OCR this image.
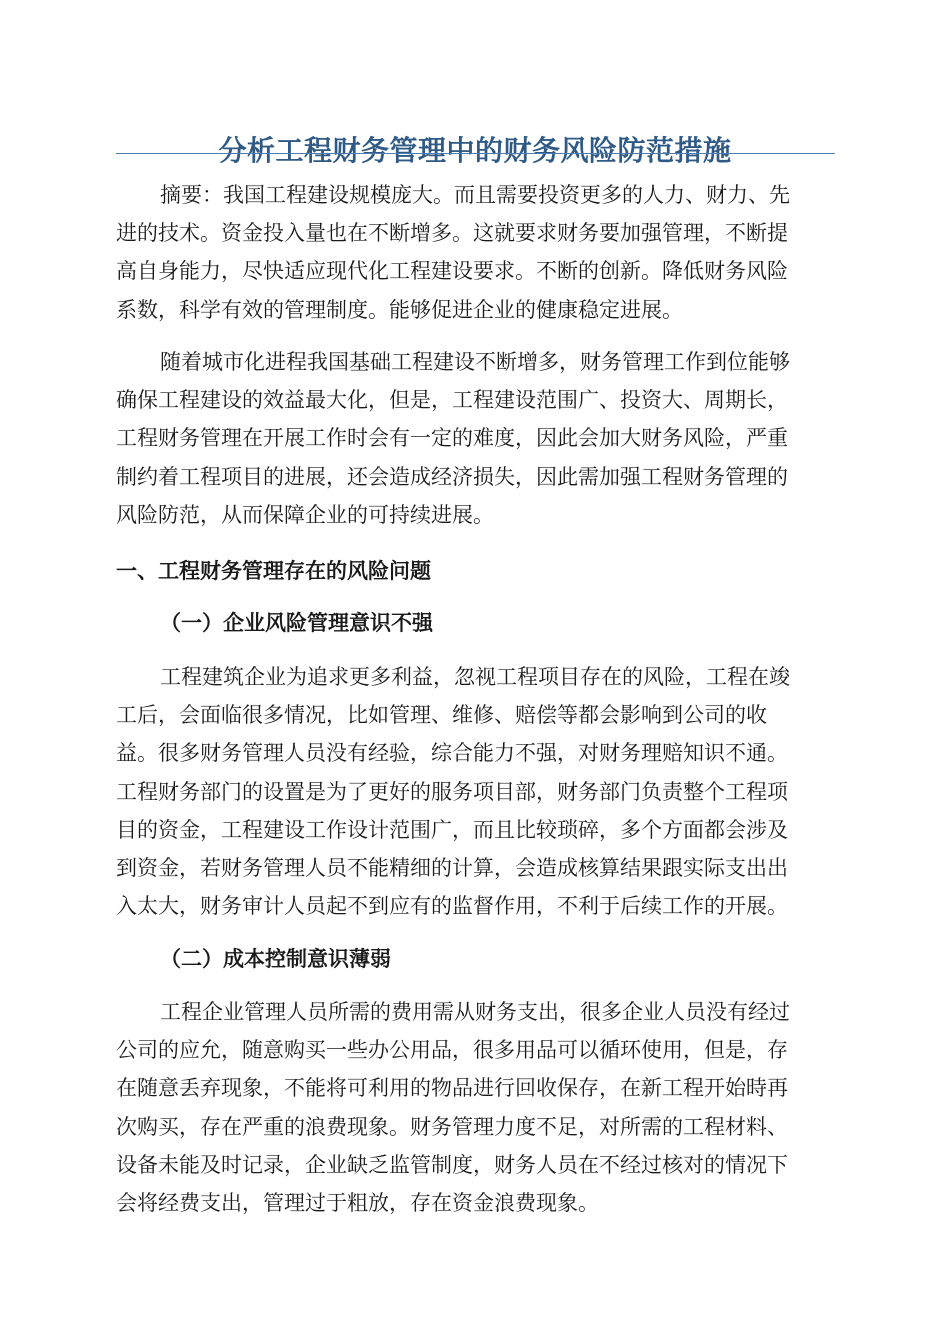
分析工程财务管理中的财务风险防范措施
摘要：我国工程建设规模庞大。而且需要投资更多的人力、财力、先
进的技术。资金投入量也在不断增多。这就要求财务要加强管理，不断提
高自身能力，尽快适应现代化工程建设要求。不断的创新。降低财务风险
系数，科学有效的管理制度。能够促进企业的健康稳定进展。
随着城市化进程我国基础工程建设不断增多，财务管理工作到位能够
确保工程建设的效益最大化，但是，工程建设范围广、投资大、周期长，
工程财务管理在开展工作时会有一定的难度，因此会加大财务风险，严重
制约着工程项目的进展，还会造成经济损失，因此需加强工程财务管理的
风险防范，从而保障企业的可持续进展。
一、工程财务管理存在的风险问题
（一）企业风险管理意识不强
工程建筑企业为追求更多利益，忽视工程项目存在的风险，工程在竣
工后，会面临很多情况，比如管理、维修、赔偿等都会影响到公司的收
益。很多财务管理人员没有经验，综合能力不强，对财务理赔知识不通。
工程财务部门的设置是为了更好的服务项目部，财务部门负责整个工程项
目的资金，工程建设工作设计范围广，而且比较琐碎，多个方面都会涉及
到资金，若财务管理人员不能精细的计算，会造成核算结果跟实际支出出
入太大，财务审计人员起不到应有的监督作用，不利于后续工作的开展。
（二）成本控制意识薄弱
工程企业管理人员所需的费用需从财务支出，很多企业人员没有经过
公司的应允，随意购买一些办公用品，很多用品可以循环使用，但是，存
在随意丢弃现象，不能将可利用的物品进行回收保存，在新工程开始時再
次购买，存在严重的浪费现象。财务管理力度不足，对所需的工程材料、
设备未能及时记录，企业缺乏监管制度，财务人员在不经过核对的情况下
会将经费支出，管理过于粗放，存在资金浪费现象。
